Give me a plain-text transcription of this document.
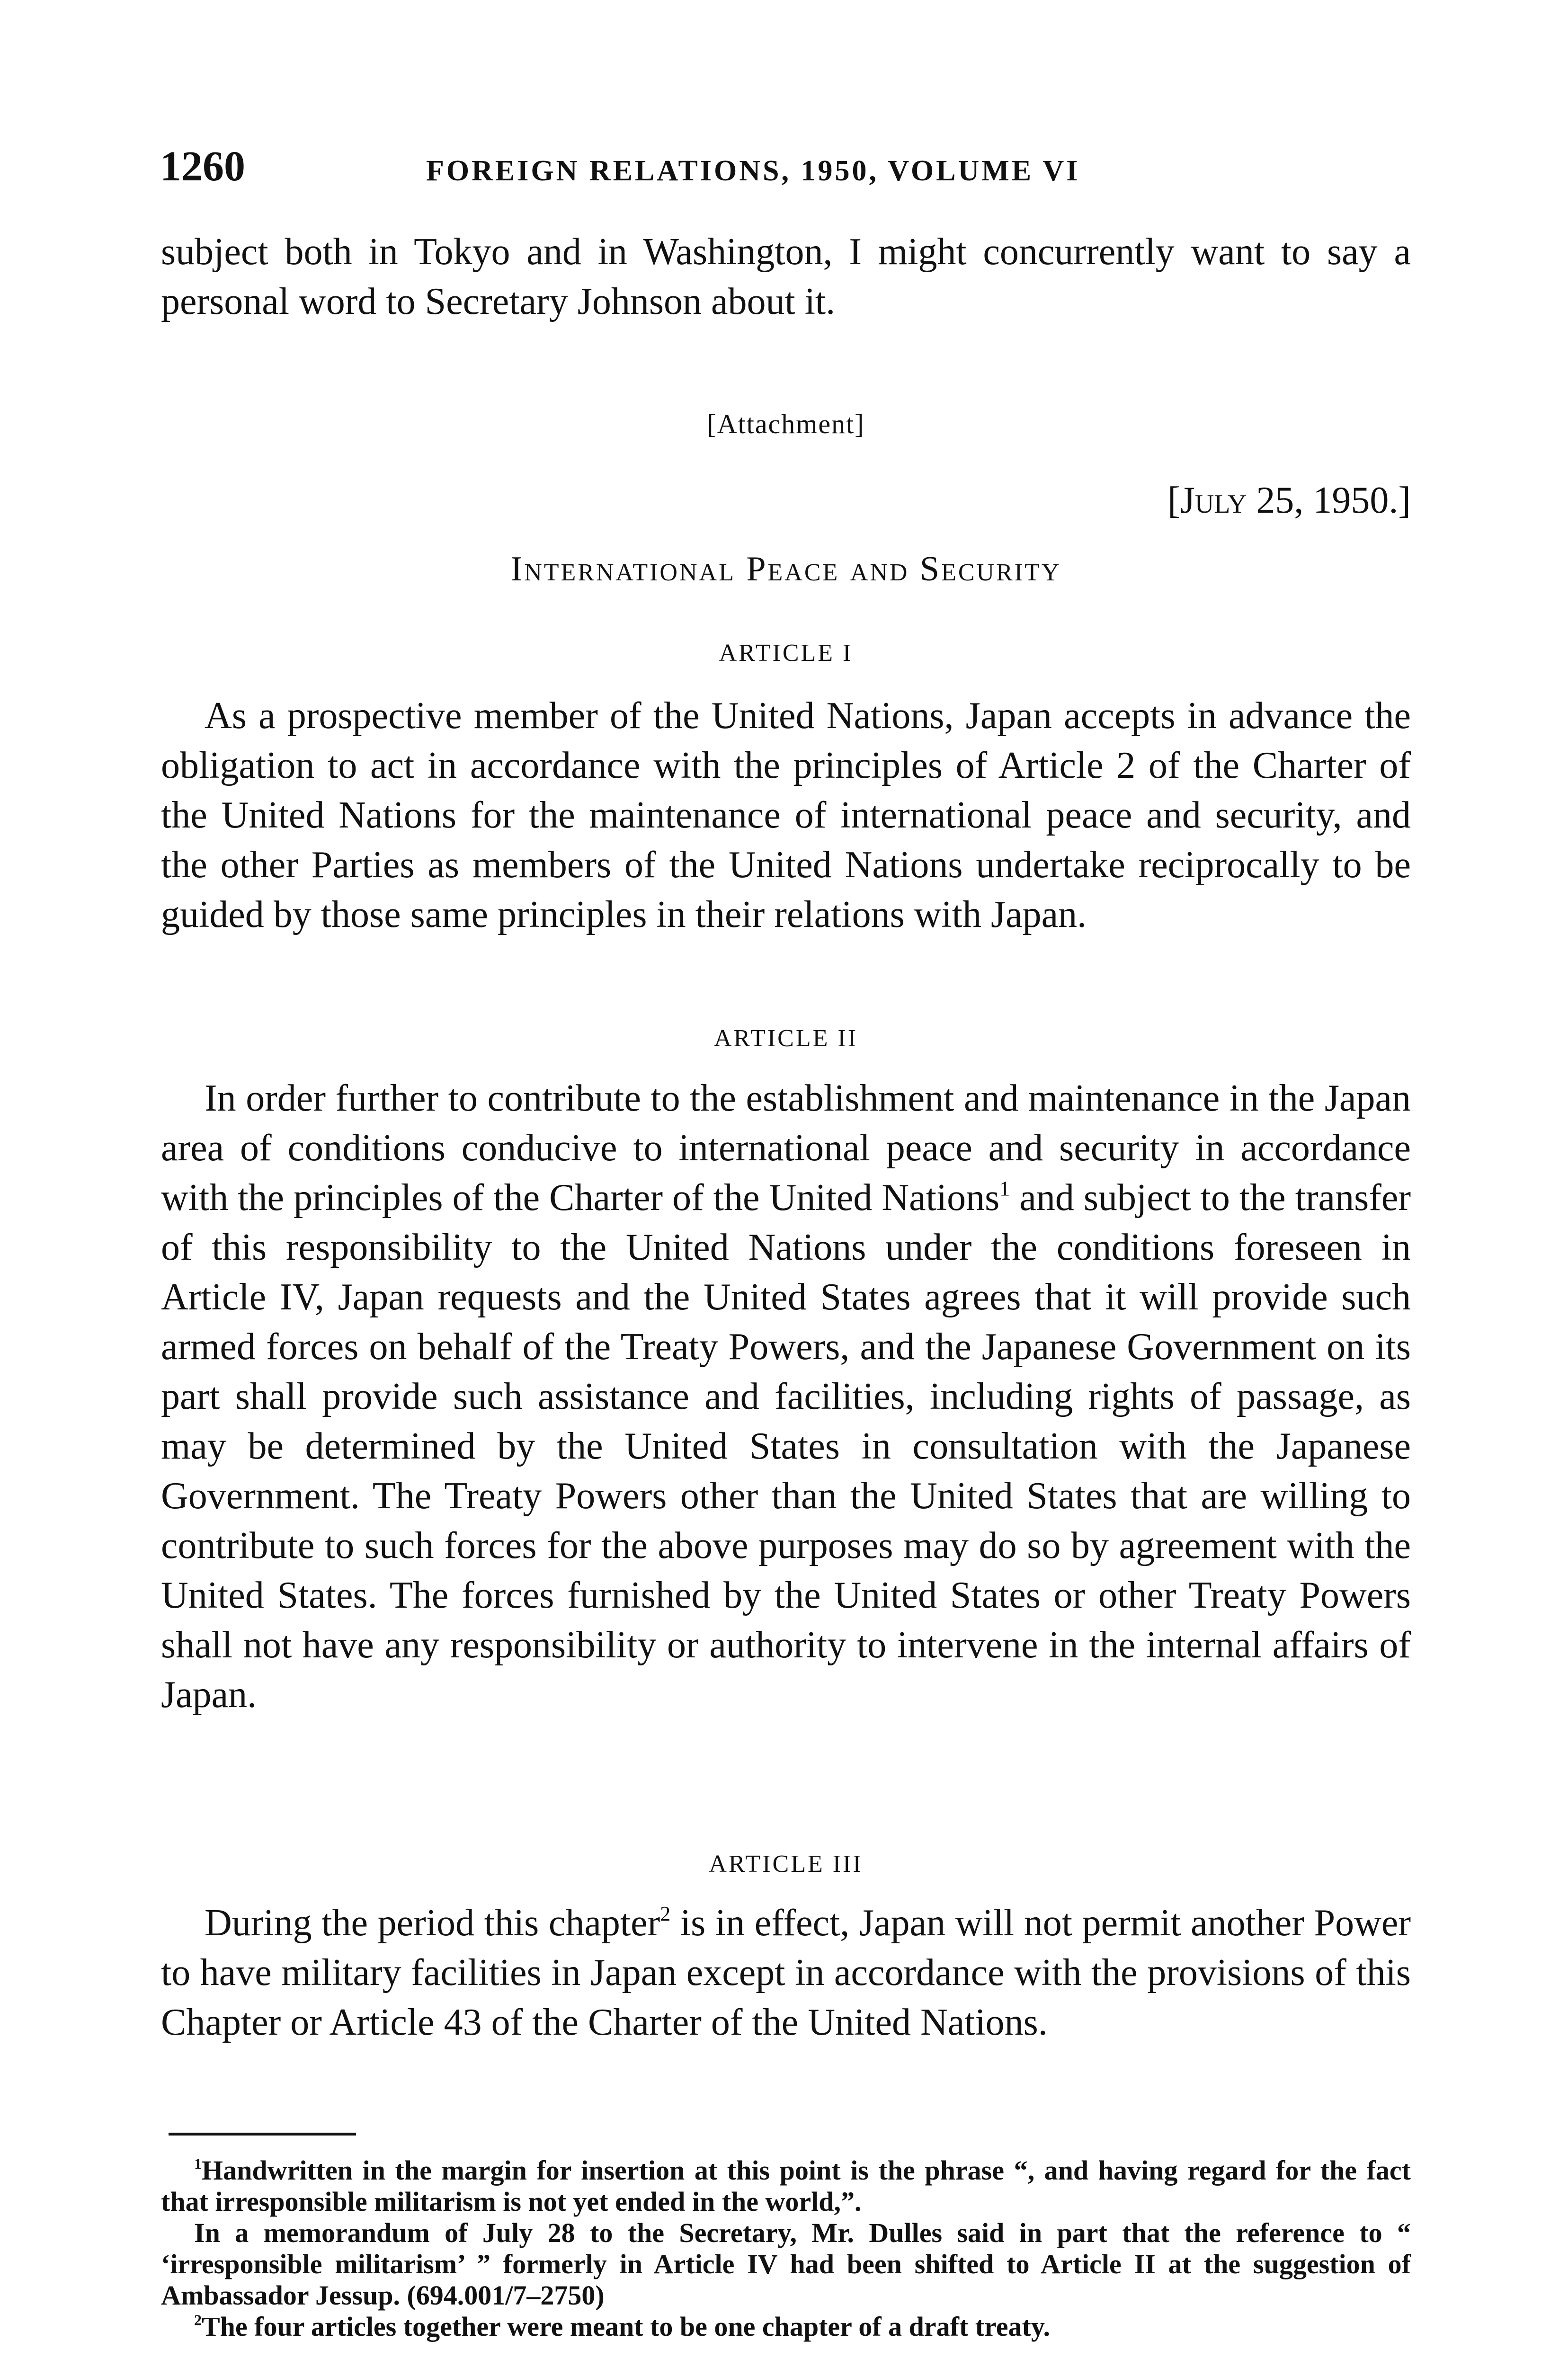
1260	FOREIGN RELATIONS, 1950, VOLUME VI

subject both in Tokyo and in Washington, I might concurrently want to say a personal word to Secretary Johnson about it.

[Attachment]

[July 25, 1950.]

International Peace and Security

ARTICLE I

As a prospective member of the United Nations, Japan accepts in advance the obligation to act in accordance with the principles of Article 2 of the Charter of the United Nations for the maintenance of international peace and security, and the other Parties as members of the United Nations undertake reciprocally to be guided by those same principles in their relations with Japan.

ARTICLE II

In order further to contribute to the establishment and maintenance in the Japan area of conditions conducive to international peace and security in accordance with the principles of the Charter of the United Nations$^1$ and subject to the transfer of this responsibility to the United Nations under the conditions foreseen in Article IV, Japan requests and the United States agrees that it will provide such armed forces on behalf of the Treaty Powers, and the Japanese Government on its part shall provide such assistance and facilities, including rights of passage, as may be determined by the United States in consultation with the Japanese Government. The Treaty Powers other than the United States that are willing to contribute to such forces for the above purposes may do so by agreement with the United States. The forces furnished by the United States or other Treaty Powers shall not have any responsibility or authority to intervene in the internal affairs of Japan.

ARTICLE III

During the period this chapter$^2$ is in effect, Japan will not permit another Power to have military facilities in Japan except in accordance with the provisions of this Chapter or Article 43 of the Charter of the United Nations.

$^1$Handwritten in the margin for insertion at this point is the phrase “, and having regard for the fact that irresponsible militarism is not yet ended in the world,”.

In a memorandum of July 28 to the Secretary, Mr. Dulles said in part that the reference to “ ‘irresponsible militarism’ ” formerly in Article IV had been shifted to Article II at the suggestion of Ambassador Jessup. (694.001/7–2750)

$^2$The four articles together were meant to be one chapter of a draft treaty.
